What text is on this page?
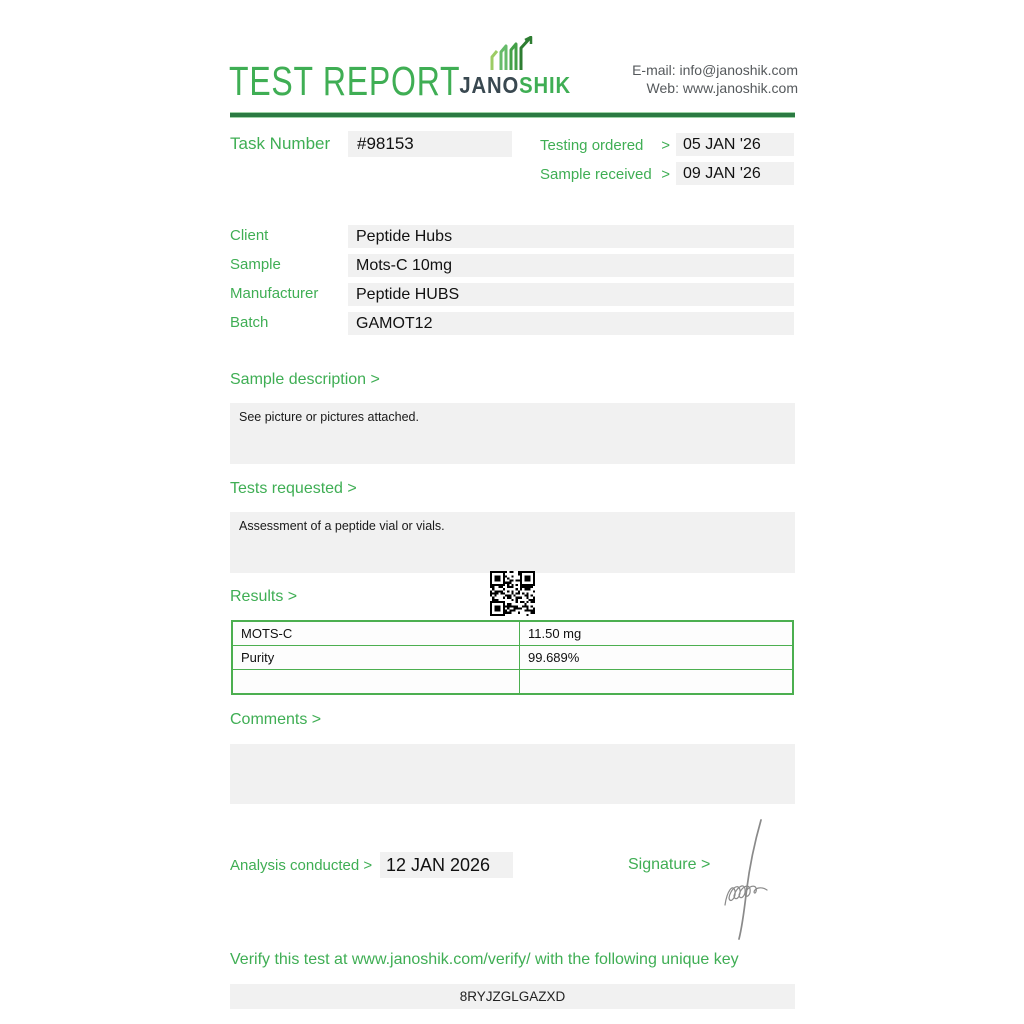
TEST REPORT JANOSHIK
E-mail: info@janoshik.com
Web: www.janoshik.com
Task Number	#98153	Testing ordered > 05 JAN '26
Sample received > 09 JAN '26
Client	Peptide Hubs
Sample	Mots-C 10mg
Manufacturer	Peptide HUBS
Batch	GAMOT12
Sample description >
See picture or pictures attached.
Tests requested >
Assessment of a peptide vial or vials.
Results >
MOTS-C	11.50 mg
Purity	99.689%

Comments >
Analysis conducted > 12 JAN 2026	Signature >
Verify this test at www.janoshik.com/verify/ with the following unique key
8RYJZGLGAZXD
